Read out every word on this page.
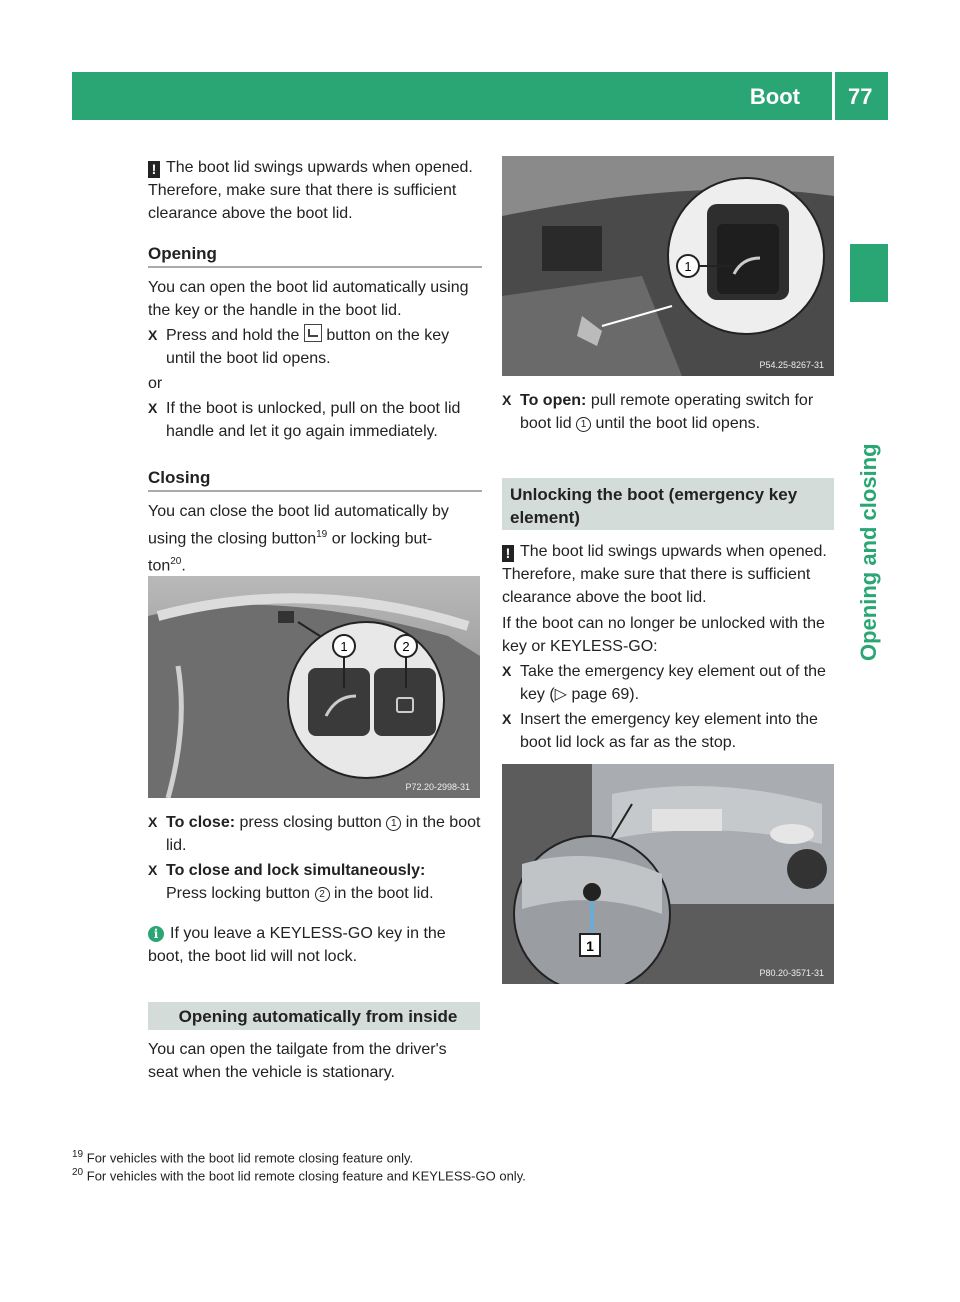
Boot 77
Opening and closing
! The boot lid swings upwards when opened. Therefore, make sure that there is sufficient clearance above the boot lid.
Opening
You can open the boot lid automatically using the key or the handle in the boot lid.
X Press and hold the button on the key until the boot lid opens.
or
X If the boot is unlocked, pull on the boot lid handle and let it go again immediately.
Closing
You can close the boot lid automatically by using the closing button$^{19}$ or locking but-ton$^{20}$.
1	2
P72.20-2998-31
X To close: press closing button 1 in the boot lid.
X To close and lock simultaneously:
Press locking button 2 in the boot lid.
i If you leave a KEYLESS-GO key in the boot, the boot lid will not lock.
Opening automatically from inside
You can open the tailgate from the driver's seat when the vehicle is stationary.
1
P54.25-8267-31
X To open: pull remote operating switch for boot lid 1 until the boot lid opens.
Unlocking the boot (emergency key element)
! The boot lid swings upwards when opened. Therefore, make sure that there is sufficient clearance above the boot lid.
If the boot can no longer be unlocked with the key or KEYLESS-GO:
X Take the emergency key element out of the key (▷ page 69).
X Insert the emergency key element into the boot lid lock as far as the stop.
1
P80.20-3571-31
$^{19}$ For vehicles with the boot lid remote closing feature only.
$^{20}$ For vehicles with the boot lid remote closing feature and KEYLESS-GO only.
